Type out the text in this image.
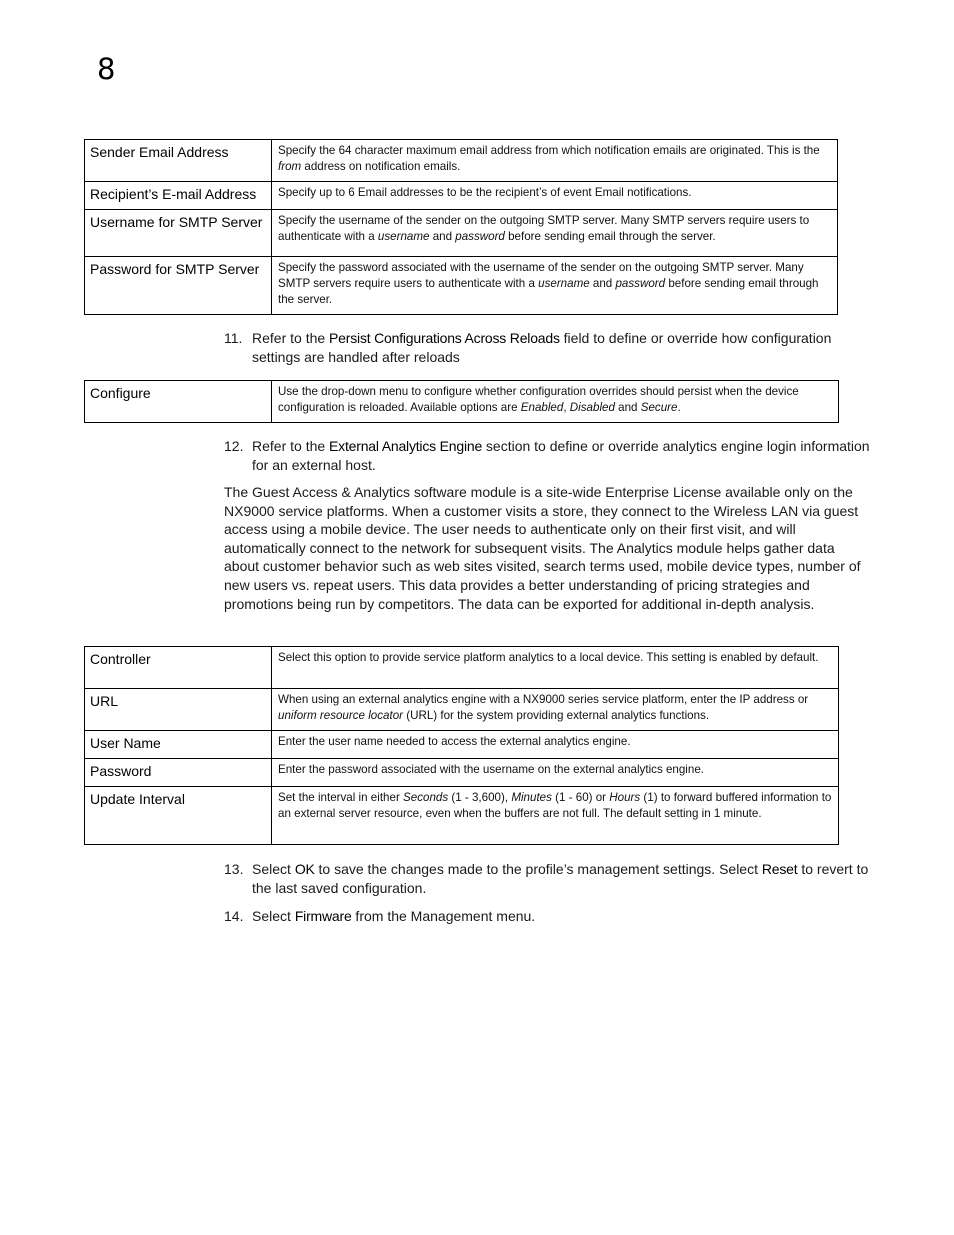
8
Sender Email Address	Specify the 64 character maximum email address from which notification emails are originated. This is the from address on notification emails.
Recipient’s E-mail Address	Specify up to 6 Email addresses to be the recipient’s of event Email notifications.
Username for SMTP Server	Specify the username of the sender on the outgoing SMTP server. Many SMTP servers require users to authenticate with a username and password before sending email through the server.
Password for SMTP Server	Specify the password associated with the username of the sender on the outgoing SMTP server. Many SMTP servers require users to authenticate with a username and password before sending email through the server.
11. Refer to the Persist Configurations Across Reloads field to define or override how configuration settings are handled after reloads
Configure	Use the drop-down menu to configure whether configuration overrides should persist when the device configuration is reloaded. Available options are Enabled, Disabled and Secure.
12. Refer to the External Analytics Engine section to define or override analytics engine login information for an external host.
The Guest Access & Analytics software module is a site-wide Enterprise License available only on the NX9000 service platforms. When a customer visits a store, they connect to the Wireless LAN via guest access using a mobile device. The user needs to authenticate only on their first visit, and will automatically connect to the network for subsequent visits. The Analytics module helps gather data about customer behavior such as web sites visited, search terms used, mobile device types, number of new users vs. repeat users. This data provides a better understanding of pricing strategies and promotions being run by competitors. The data can be exported for additional in-depth analysis.
Controller	Select this option to provide service platform analytics to a local device. This setting is enabled by default.
URL	When using an external analytics engine with a NX9000 series service platform, enter the IP address or uniform resource locator (URL) for the system providing external analytics functions.
User Name	Enter the user name needed to access the external analytics engine.
Password	Enter the password associated with the username on the external analytics engine.
Update Interval	Set the interval in either Seconds (1 - 3,600), Minutes (1 - 60) or Hours (1) to forward buffered information to an external server resource, even when the buffers are not full. The default setting in 1 minute.
13. Select OK to save the changes made to the profile’s management settings. Select Reset to revert to the last saved configuration.
14. Select Firmware from the Management menu.
